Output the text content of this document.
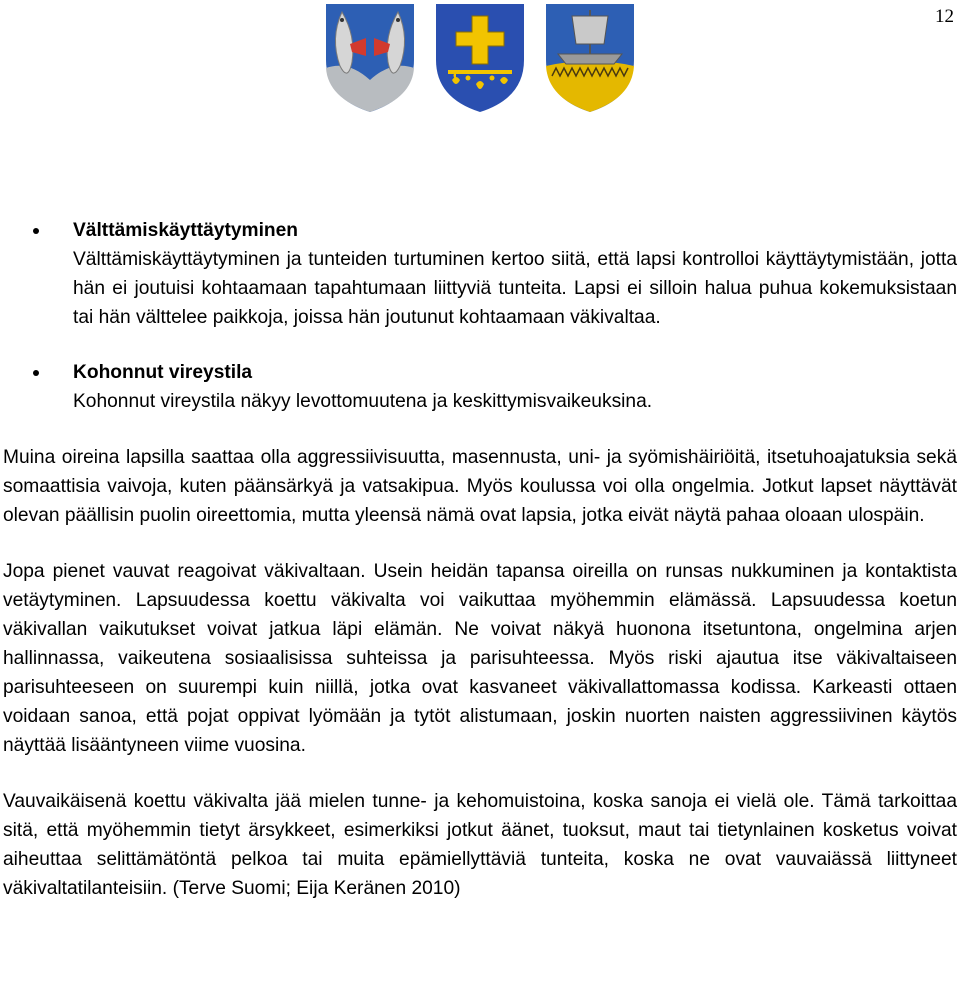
12
Välttämiskäyttäytyminen
Välttämiskäyttäytyminen ja tunteiden turtuminen kertoo siitä, että lapsi kontrolloi käyttäytymistään, jotta hän ei joutuisi kohtaamaan tapahtumaan liittyviä tunteita. Lapsi ei silloin halua puhua kokemuksistaan tai hän välttelee paikkoja, joissa hän joutunut kohtaamaan väkivaltaa.
Kohonnut vireystila
Kohonnut vireystila näkyy levottomuutena ja keskittymisvaikeuksina.

Muina oireina lapsilla saattaa olla aggressiivisuutta, masennusta, uni- ja syömishäiriöitä, itsetuhoajatuksia sekä somaattisia vaivoja, kuten päänsärkyä ja vatsakipua. Myös koulussa voi olla ongelmia. Jotkut lapset näyttävät olevan päällisin puolin oireettomia, mutta yleensä nämä ovat lapsia, jotka eivät näytä pahaa oloaan ulospäin.

Jopa pienet vauvat reagoivat väkivaltaan. Usein heidän tapansa oireilla on runsas nukkuminen ja kontaktista vetäytyminen. Lapsuudessa koettu väkivalta voi vaikuttaa myöhemmin elämässä. Lapsuudessa koetun väkivallan vaikutukset voivat jatkua läpi elämän. Ne voivat näkyä huonona itsetuntona, ongelmina arjen hallinnassa, vaikeutena sosiaalisissa suhteissa ja parisuhteessa. Myös riski ajautua itse väkivaltaiseen parisuhteeseen on suurempi kuin niillä, jotka ovat kasvaneet väkivallattomassa kodissa. Karkeasti ottaen voidaan sanoa, että pojat oppivat lyömään ja tytöt alistumaan, joskin nuorten naisten aggressiivinen käytös näyttää lisääntyneen viime vuosina.

Vauvaikäisenä koettu väkivalta jää mielen tunne- ja kehomuistoina, koska sanoja ei vielä ole. Tämä tarkoittaa sitä, että myöhemmin tietyt ärsykkeet, esimerkiksi jotkut äänet, tuoksut, maut tai tietynlainen kosketus voivat aiheuttaa selittämätöntä pelkoa tai muita epämiellyttäviä tunteita, koska ne ovat vauvaiässä liittyneet väkivaltatilanteisiin. (Terve Suomi; Eija Keränen 2010)
